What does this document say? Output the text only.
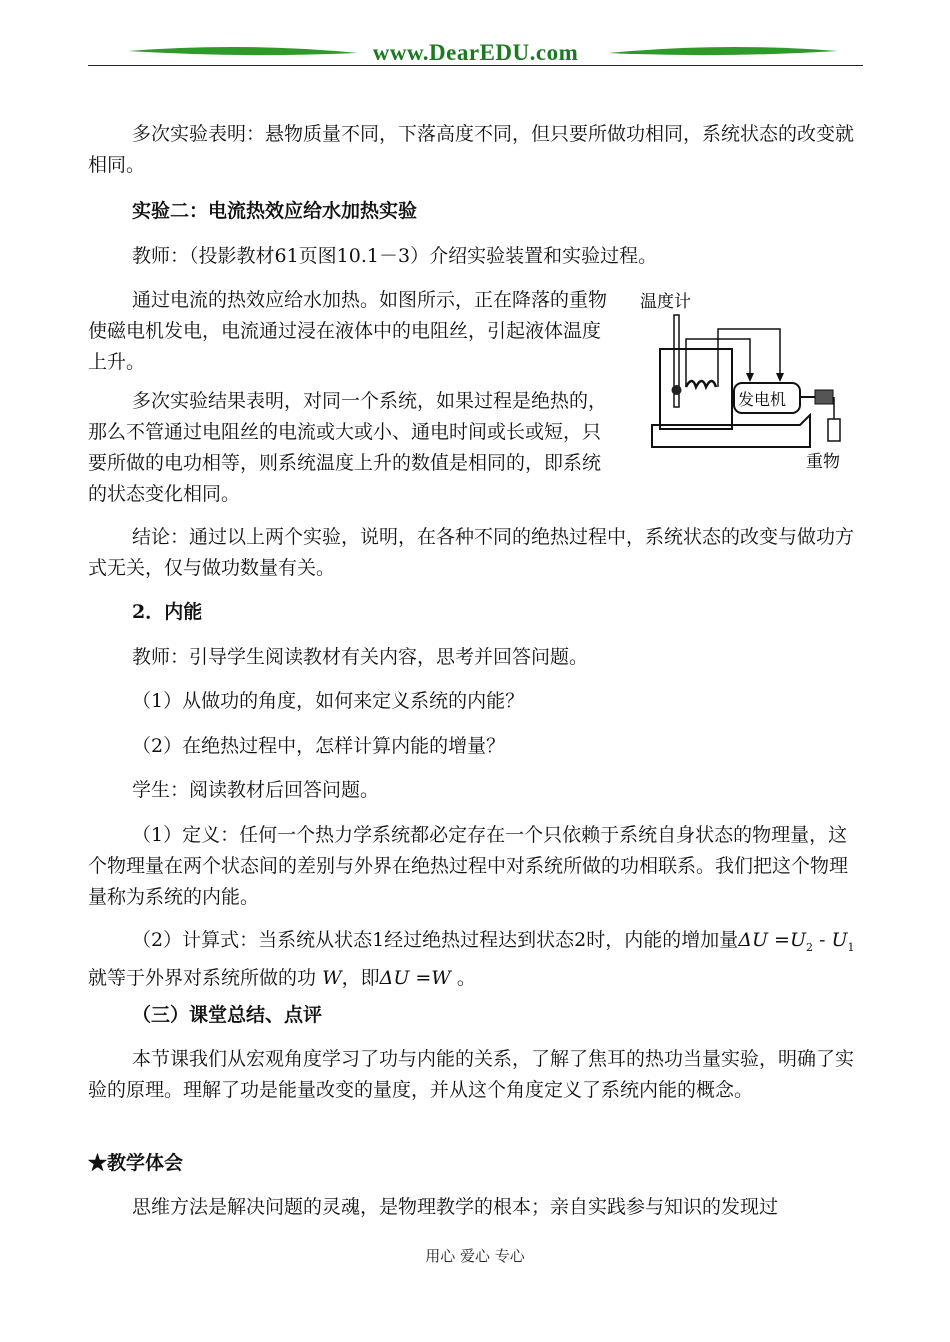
www.DearEDU.com

多次实验表明：悬物质量不同，下落高度不同，但只要所做功相同，系统状态的改变就相同。

实验二：电流热效应给水加热实验

教师：（投影教材61页图10.1－3）介绍实验装置和实验过程。

通过电流的热效应给水加热。如图所示，正在降落的重物使磁电机发电，电流通过浸在液体中的电阻丝，引起液体温度上升。

多次实验结果表明，对同一个系统，如果过程是绝热的，那么不管通过电阻丝的电流或大或小、通电时间或长或短，只要所做的电功相等，则系统温度上升的数值是相同的，即系统的状态变化相同。

温度计
发电机
重物

结论：通过以上两个实验，说明，在各种不同的绝热过程中，系统状态的改变与做功方式无关，仅与做功数量有关。

2．内能

教师：引导学生阅读教材有关内容，思考并回答问题。

（1）从做功的角度，如何来定义系统的内能？

（2）在绝热过程中，怎样计算内能的增量？

学生：阅读教材后回答问题。

（1）定义：任何一个热力学系统都必定存在一个只依赖于系统自身状态的物理量，这个物理量在两个状态间的差别与外界在绝热过程中对系统所做的功相联系。我们把这个物理量称为系统的内能。

（2）计算式：当系统从状态1经过绝热过程达到状态2时，内能的增加量$\Delta U =U_2 - U_1$就等于外界对系统所做的功 W，即ΔU =W 。

（三）课堂总结、点评

本节课我们从宏观角度学习了功与内能的关系，了解了焦耳的热功当量实验，明确了实验的原理。理解了功是能量改变的量度，并从这个角度定义了系统内能的概念。

★教学体会

思维方法是解决问题的灵魂，是物理教学的根本；亲自实践参与知识的发现过

用心 爱心 专心
